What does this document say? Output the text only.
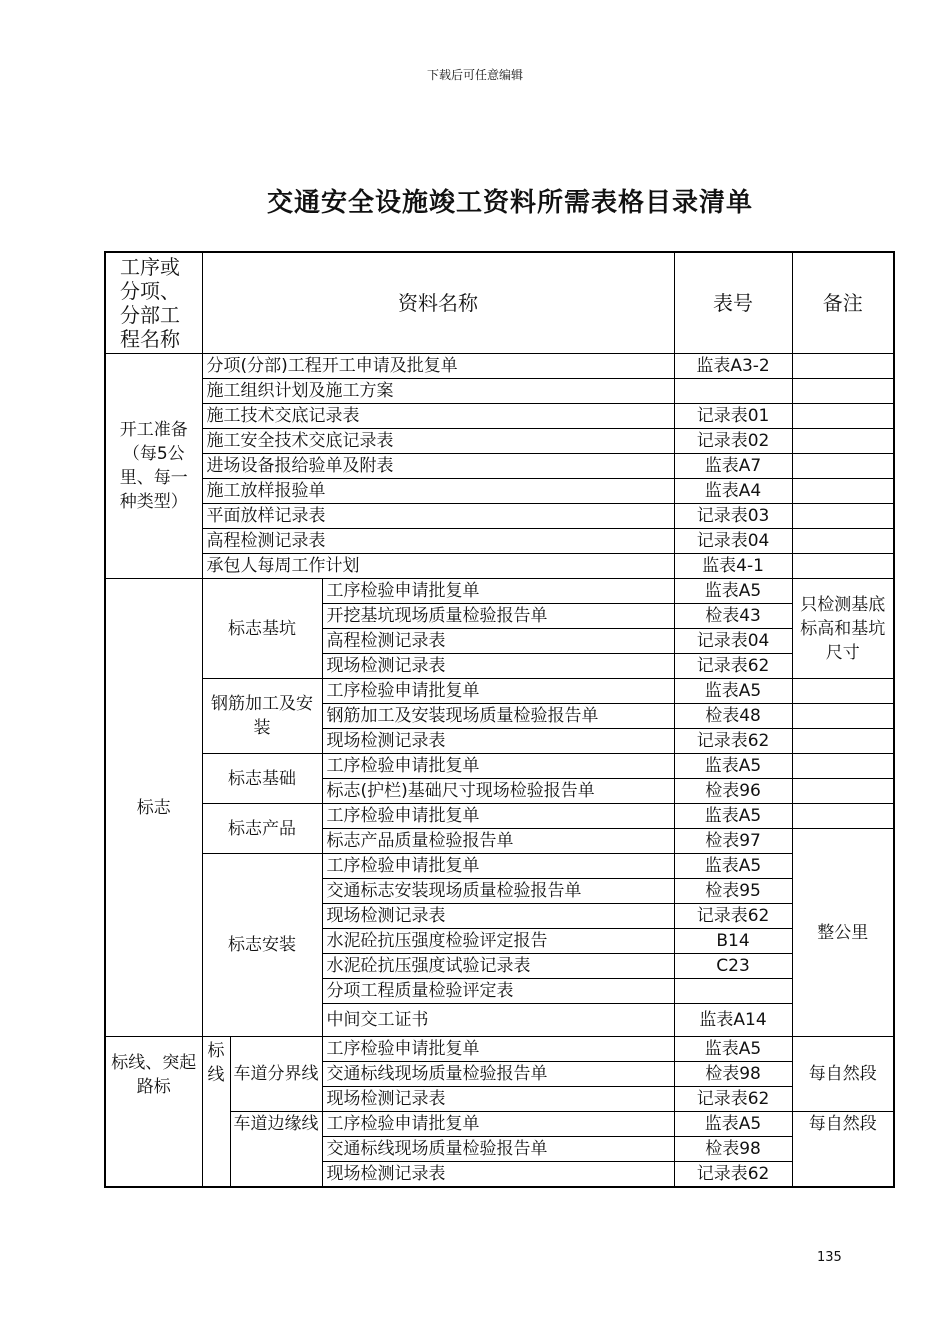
下载后可任意编辑
交通安全设施竣工资料所需表格目录清单
工序或分项、分部工程名称	资料名称			表号	备注
开工准备（每5公里、每一种类型）	分项(分部)工程开工申请及批复单			监表A3-2	
	施工组织计划及施工方案				
	施工技术交底记录表			记录表01	
	施工安全技术交底记录表			记录表02	
	进场设备报给验单及附表			监表A7	
	施工放样报验单			监表A4	
	平面放样记录表			记录表03	
	高程检测记录表			记录表04	
	承包人每周工作计划			监表4-1	
标志	标志基坑		工序检验申请批复单	监表A5	只检测基底标高和基坑尺寸
			开挖基坑现场质量检验报告单	检表43	
			高程检测记录表	记录表04	
			现场检测记录表	记录表62	
	钢筋加工及安装		工序检验申请批复单	监表A5	
			钢筋加工及安装现场质量检验报告单	检表48	
			现场检测记录表	记录表62	
	标志基础		工序检验申请批复单	监表A5	
			标志(护栏)基础尺寸现场检验报告单	检表96	
	标志产品		工序检验申请批复单	监表A5	
			标志产品质量检验报告单	检表97	整公里
	标志安装		工序检验申请批复单	监表A5	
			交通标志安装现场质量检验报告单	检表95	
			现场检测记录表	记录表62	
			水泥砼抗压强度检验评定报告	B14	
			水泥砼抗压强度试验记录表	C23	
			分项工程质量检验评定表		
			中间交工证书	监表A14	
标线、突起路标	标线	车道分界线	工序检验申请批复单	监表A5	每自然段
			交通标线现场质量检验报告单	检表98	
			现场检测记录表	记录表62	
		车道边缘线	工序检验申请批复单	监表A5	每自然段
			交通标线现场质量检验报告单	检表98	
			现场检测记录表	记录表62	
135
